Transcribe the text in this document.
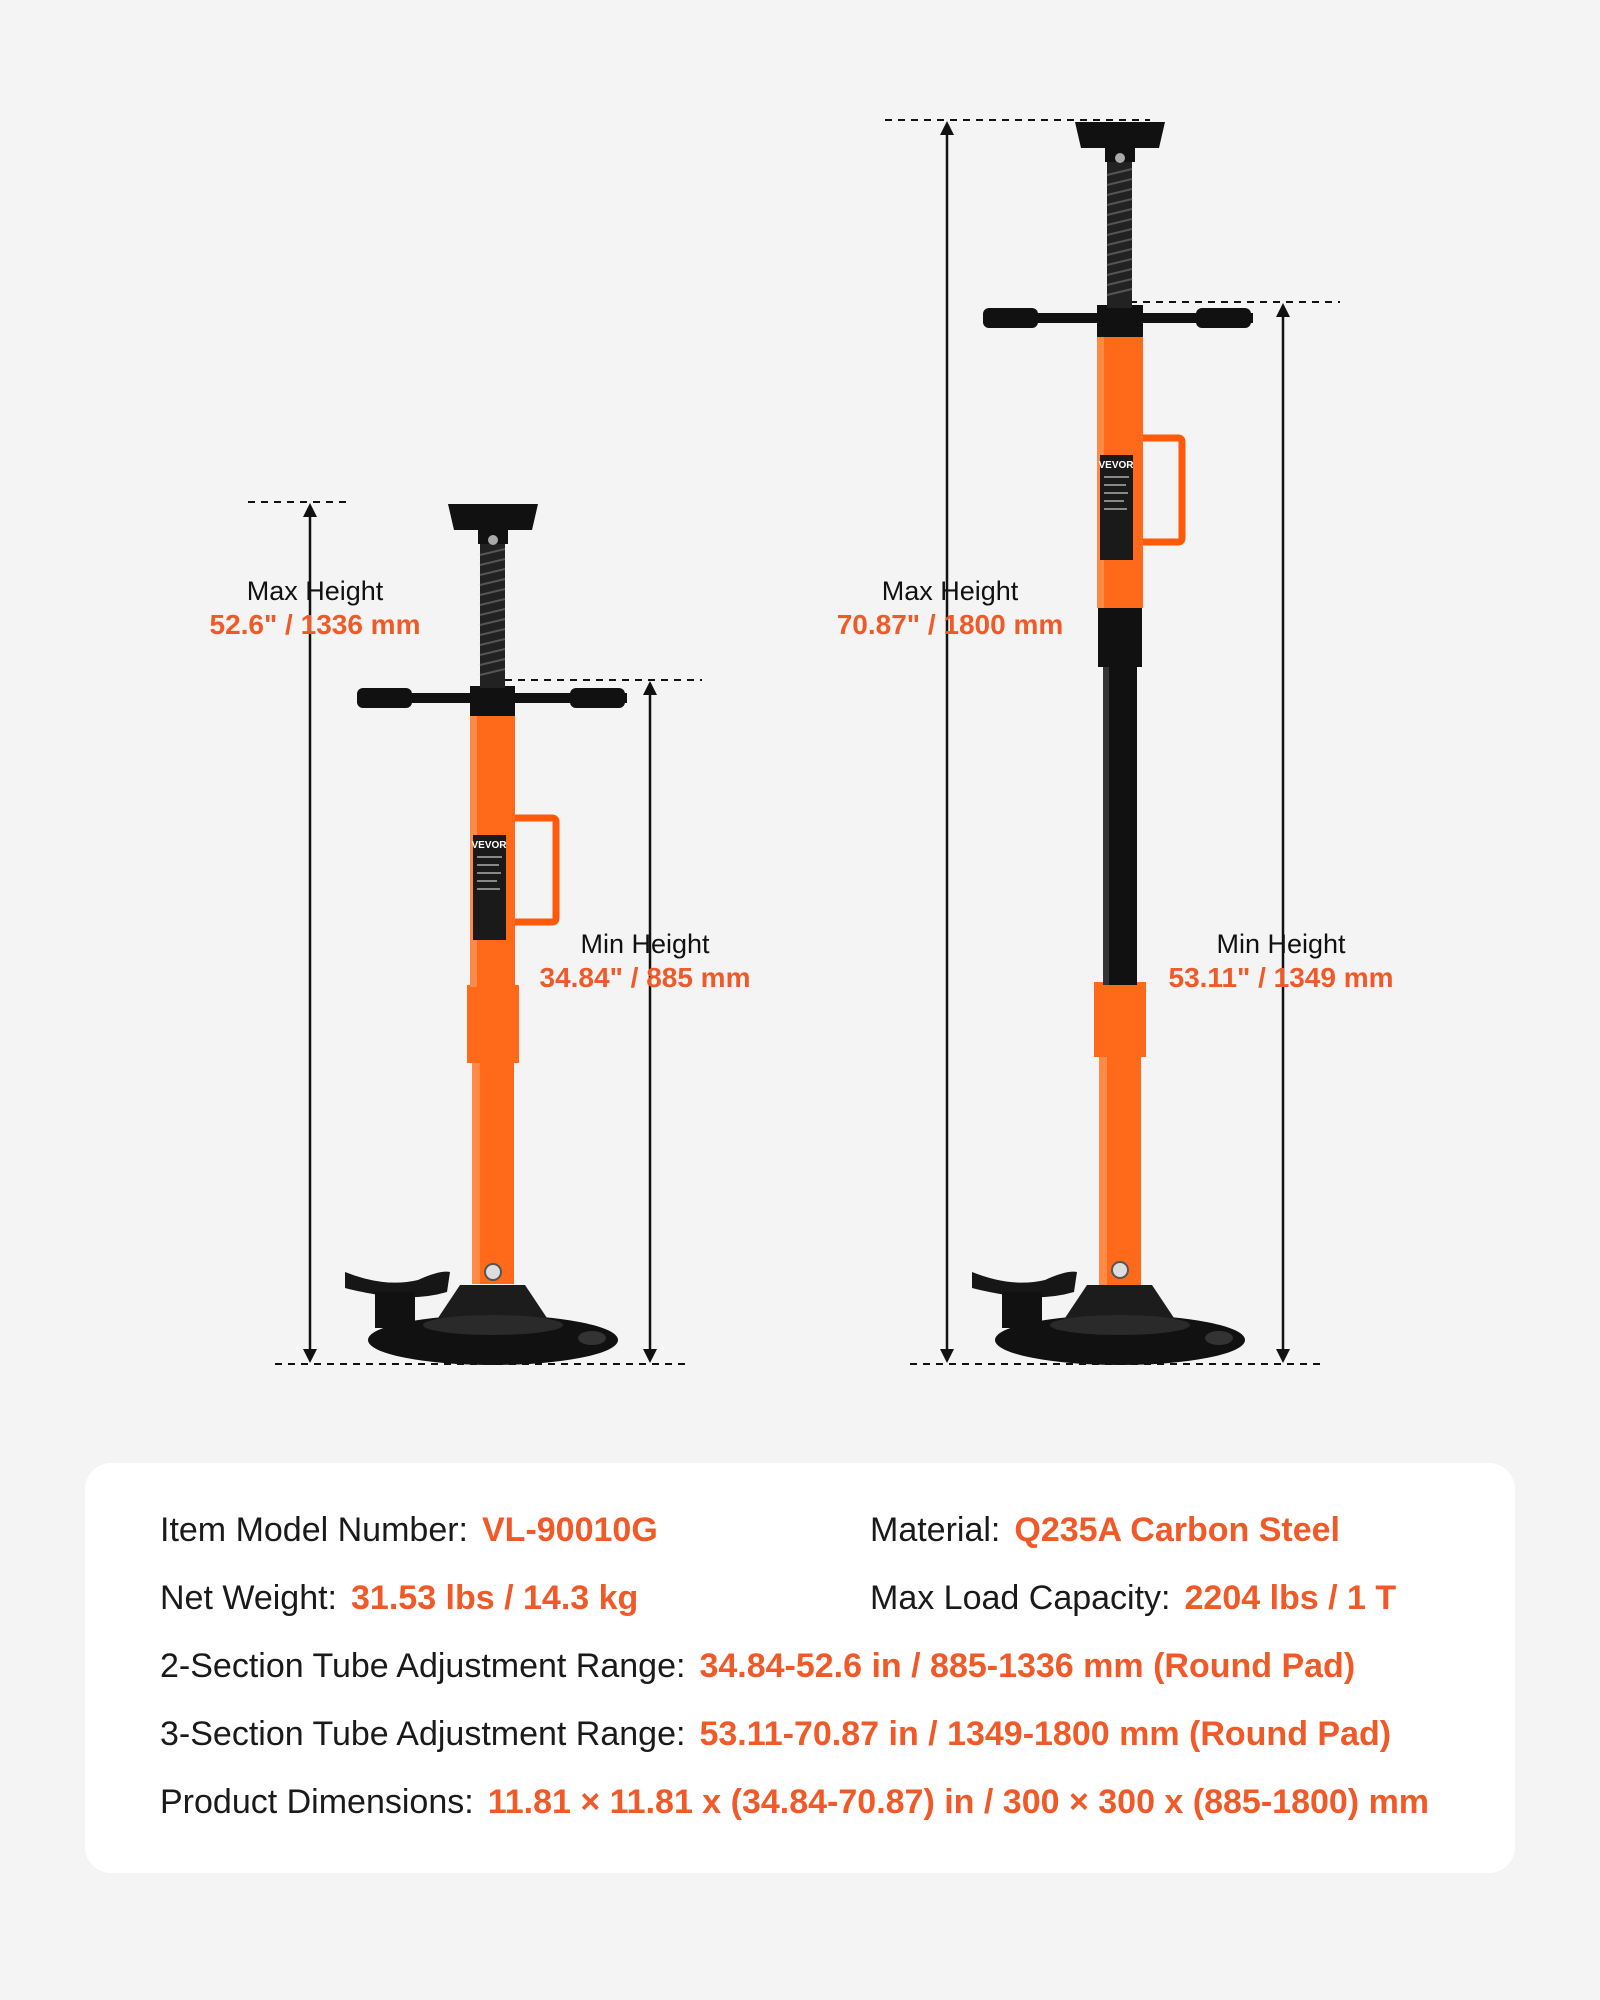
VEVOR
VEVOR
Max Height
52.6" / 1336 mm
Min Height
34.84" / 885 mm
Max Height
70.87" / 1800 mm
Min Height
53.11" / 1349 mm
Item Model Number: VL-90010G	Material: Q235A Carbon Steel
Net Weight: 31.53 lbs / 14.3 kg	Max Load Capacity: 2204 lbs / 1 T
2-Section Tube Adjustment Range: 34.84-52.6 in / 885-1336 mm (Round Pad)
3-Section Tube Adjustment Range: 53.11-70.87 in / 1349-1800 mm (Round Pad)
Product Dimensions: 11.81 × 11.81 x (34.84-70.87) in / 300 × 300 x (885-1800) mm
